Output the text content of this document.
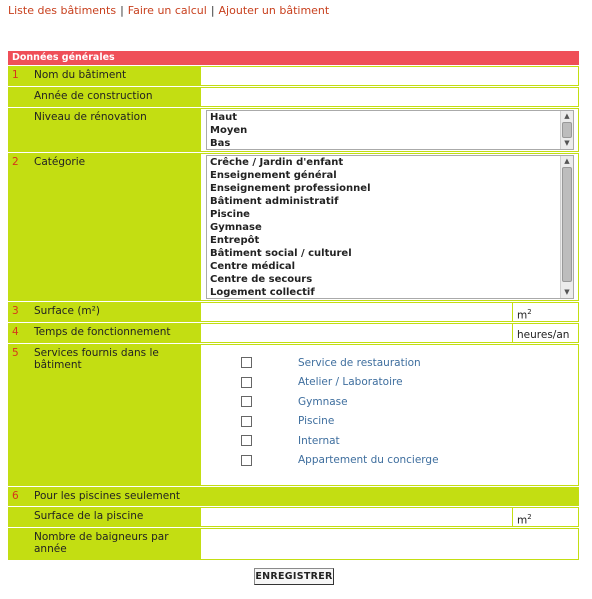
Liste des bâtiments | Faire un calcul | Ajouter un bâtiment
Données générales
1	Nom du bâtiment
Année de construction
Niveau de rénovation	Haut
Moyen
Bas
▲
▼
2	Catégorie	Crêche / Jardin d'enfant
Enseignement général
Enseignement professionnel
Bâtiment administratif
Piscine
Gymnase
Entrepôt
Bâtiment social / culturel
Centre médical
Centre de secours
Logement collectif
▲
▼
3	Surface (m²)	$m^2$
4	Temps de fonctionnement	heures/an
5	Services fournis dans le bâtiment	Service de restauration
Atelier / Laboratoire
Gymnase
Piscine
Internat
Appartement du concierge
6	Pour les piscines seulement
Surface de la piscine	$m^2$
Nombre de baigneurs par année
ENREGISTRER
